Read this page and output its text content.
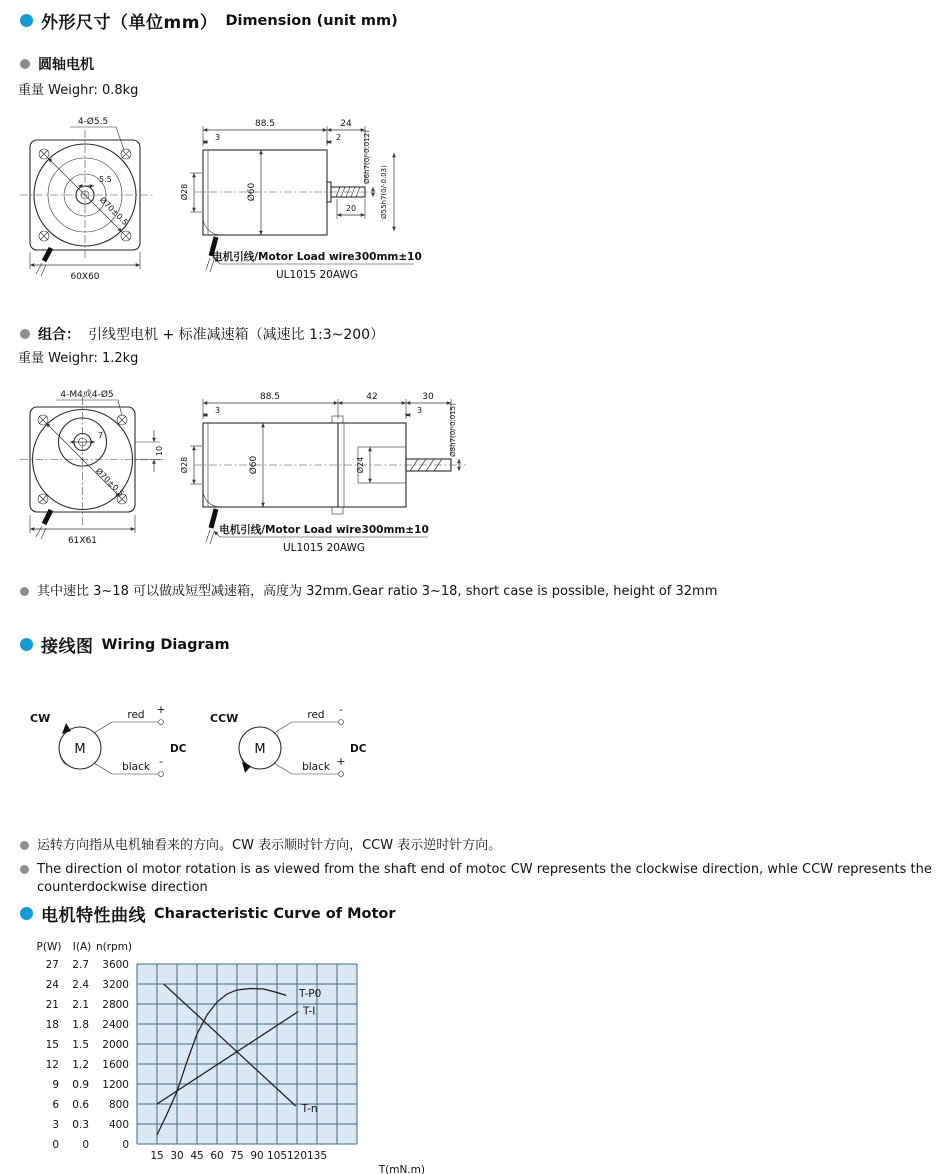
外形尺寸（单位mm） Dimension (unit mm)
圆轴电机
重量 Weighr: 0.8kg
4-Ø5.5
5.5
Ø70±0.5
60X60
88.5	24
3	2
Ø28	Ø60
20
Ø6h7(0/-0.012)
Ø55h7(0/-0.03)
电机引线/Motor Load wire300mm±10
UL1015 20AWG
组合： 引线型电机 + 标准减速箱（减速比 1:3~200）
重量 Weighr: 1.2kg
4-M4或4-Ø5
7
Ø70±0.5
10
61X61
88.5	42	30
3	3
Ø28	Ø60	Ø24
Ø8h7(0/-0.015)
电机引线/Motor Load wire300mm±10
UL1015 20AWG
其中速比 3~18 可以做成短型减速箱，高度为 32mm.Gear ratio 3~18, short case is possible, height of 32mm
接线图 Wiring Diagram
CW
M
red +
black -
DC
CCW
M
red -
black +
DC
运转方向指从电机轴看来的方向。CW 表示顺时针方向，CCW 表示逆时针方向。
The direction ol motor rotation is as viewed from the shaft end of motoc CW represents the clockwise direction, whle CCW represents the counterdockwise direction
电机特性曲线 Characteristic Curve of Motor
P(W) I(A) n(rpm)
27
24
21
18
15
12
9
6
3
0
2.7
2.4
2.1
1.8
1.5
1.2
0.9
0.6
0.3
0
3600
3200
2800
2400
2000
1600
1200
800
400
0
15 30 45 60 75 90 105 120 135
T(mN.m)
T-n
T-I
T-P0
